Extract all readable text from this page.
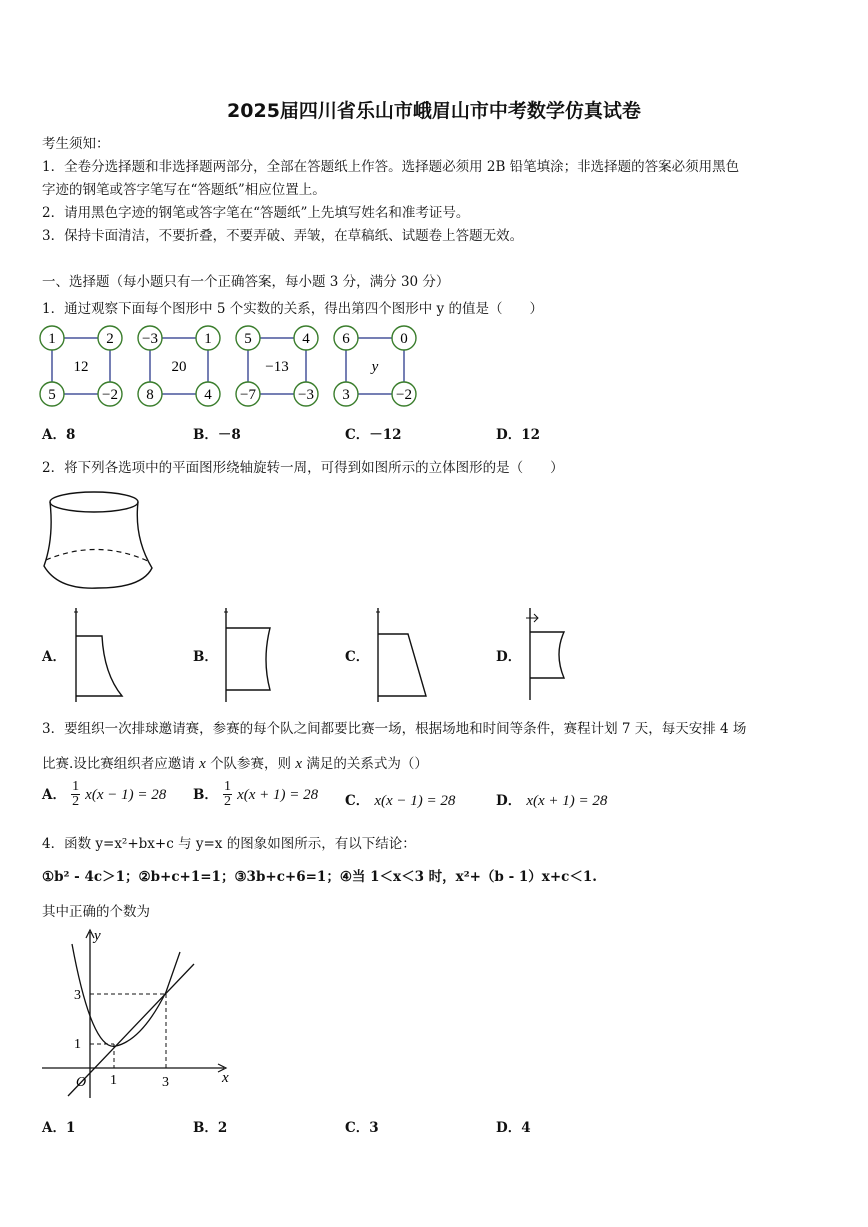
2025届四川省乐山市峨眉山市中考数学仿真试卷
考生须知：
1．全卷分选择题和非选择题两部分，全部在答题纸上作答。选择题必须用 2B 铅笔填涂；非选择题的答案必须用黑色
字迹的钢笔或答字笔写在“答题纸”相应位置上。
2．请用黑色字迹的钢笔或答字笔在“答题纸”上先填写姓名和准考证号。
3．保持卡面清洁，不要折叠，不要弄破、弄皱，在草稿纸、试题卷上答题无效。
一、选择题（每小题只有一个正确答案，每小题 3 分，满分 30 分）
1．通过观察下面每个图形中 5 个实数的关系，得出第四个图形中 y 的值是（　　）
1	2
5	−2
12
−3	1
8	4
20
5	4
−7	−3
−13
6	0
3	−2
y
A．8	B．－8	C．－12	D．12
2．将下列各选项中的平面图形绕轴旋转一周，可得到如图所示的立体图形的是（　　）
A．	B．	C．	D．
3．要组织一次排球邀请赛，参赛的每个队之间都要比赛一场，根据场地和时间等条件，赛程计划 7 天，每天安排 4 场
比赛.设比赛组织者应邀请 x 个队参赛，则 x 满足的关系式为（）
A． $\frac{1}{2} x(x - 1) = 28$ B． $\frac{1}{2} x(x + 1) = 28$ C． x(x − 1) = 28	D． x(x + 1) = 28
4．函数 y=x²+bx+c 与 y=x 的图象如图所示，有以下结论：
①b² - 4c＞1；②b+c+1=1；③3b+c+6=1；④当 1＜x＜3 时，x²+（b - 1）x+c＜1.
其中正确的个数为
y
x
O 1	3
1
3
A．1	B．2	C．3	D．4
